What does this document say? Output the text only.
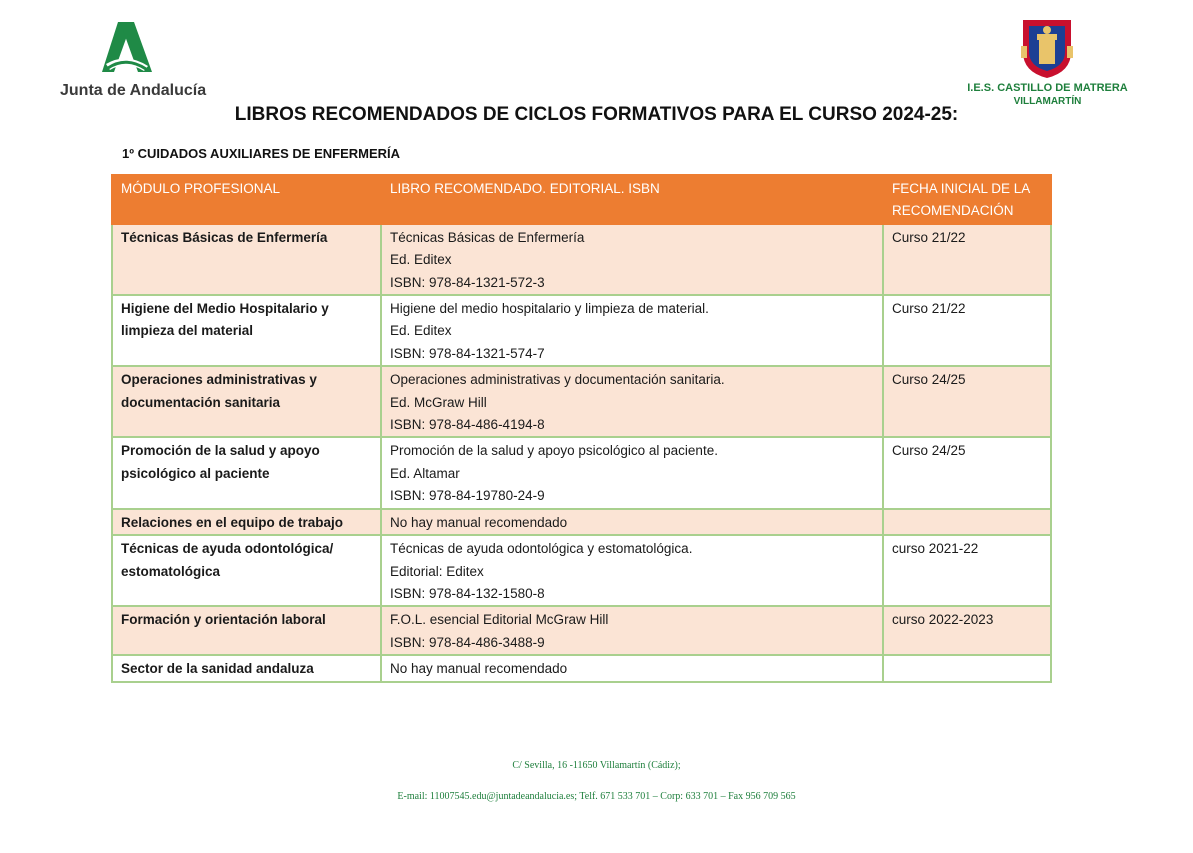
Junta de Andalucía	I.E.S. CASTILLO DE MATRERA
VILLAMARTÍN
LIBROS RECOMENDADOS DE CICLOS FORMATIVOS PARA EL CURSO 2024-25:
1º CUIDADOS AUXILIARES DE ENFERMERÍA
MÓDULO PROFESIONAL	LIBRO RECOMENDADO. EDITORIAL. ISBN	FECHA INICIAL DE LA RECOMENDACIÓN

Técnicas Básicas de Enfermería	Técnicas Básicas de Enfermería
Ed. Editex
ISBN: 978-84-1321-572-3	Curso 21/22

Higiene del Medio Hospitalario y
limpieza del material	Higiene del medio hospitalario y limpieza de material.
Ed. Editex
ISBN: 978-84-1321-574-7	Curso 21/22

Operaciones administrativas y
documentación sanitaria	Operaciones administrativas y documentación sanitaria.
Ed. McGraw Hill
ISBN: 978-84-486-4194-8	Curso 24/25

Promoción de la salud y apoyo
psicológico al paciente	Promoción de la salud y apoyo psicológico al paciente.
Ed. Altamar
ISBN: 978-84-19780-24-9	Curso 24/25

Relaciones en el equipo de trabajo	No hay manual recomendado	

Técnicas de ayuda odontológica/
estomatológica	Técnicas de ayuda odontológica y estomatológica.
Editorial: Editex
ISBN: 978-84-132-1580-8	curso 2021-22

Formación y orientación laboral	F.O.L. esencial Editorial McGraw Hill
ISBN: 978-84-486-3488-9	curso 2022-2023

Sector de la sanidad andaluza	No hay manual recomendado	

C/ Sevilla, 16 -11650 Villamartín (Cádiz);
E-mail: 11007545.edu@juntadeandalucia.es; Telf. 671 533 701 – Corp: 633 701 – Fax 956 709 565
